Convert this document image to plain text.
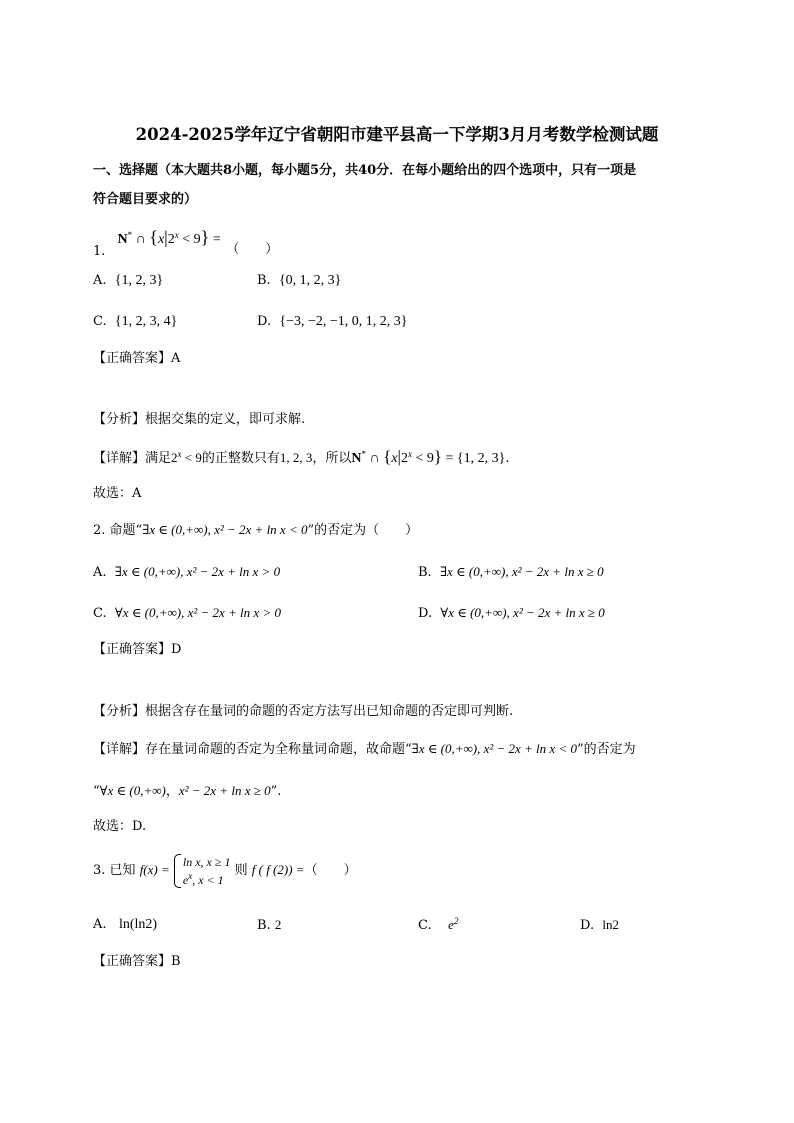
2024-2025学年辽宁省朝阳市建平县高一下学期3月月考数学检测试题
一、选择题（本大题共8小题，每小题5分，共40分．在每小题给出的四个选项中，只有一项是
符合题目要求的）
1. N* ∩ $\{x|2^x < 9\}$ = （　　）
A. {1, 2, 3}	B. {0, 1, 2, 3}
C. {1, 2, 3, 4}	D. {−3, −2, −1, 0, 1, 2, 3}
【正确答案】A
【分析】根据交集的定义，即可求解.
【详解】满足$2^x < 9$的正整数只有1, 2, 3，所以N* ∩ $\{x|2^x < 9\} = \{1$, 2, 3}.
故选：A
2. 命题“∃x ∈ (0,+∞), x² − 2x + ln x < 0”的否定为（　　）
A. ∃x ∈ (0,+∞), x² − 2x + ln x > 0	B. ∃x ∈ (0,+∞), x² − 2x + ln x ≥ 0
C. ∀x ∈ (0,+∞), x² − 2x + ln x > 0	D. ∀x ∈ (0,+∞), x² − 2x + ln x ≥ 0
【正确答案】D
【分析】根据含存在量词的命题的否定方法写出已知命题的否定即可判断.
【详解】存在量词命题的否定为全称量词命题，故命题“∃x ∈ (0,+∞), x² − 2x + ln x < 0”的否定为
“∀x ∈ (0,+∞)，x² − 2x + ln x ≥ 0”.
故选：D.
3. 已知 f(x) =
ln x, x ≥ 1
$e^x$, x < 1
则 f ( f (2)) =（　　）
A. ln(ln2)	B. 2	C. $e^2$	D. ln2
【正确答案】B
